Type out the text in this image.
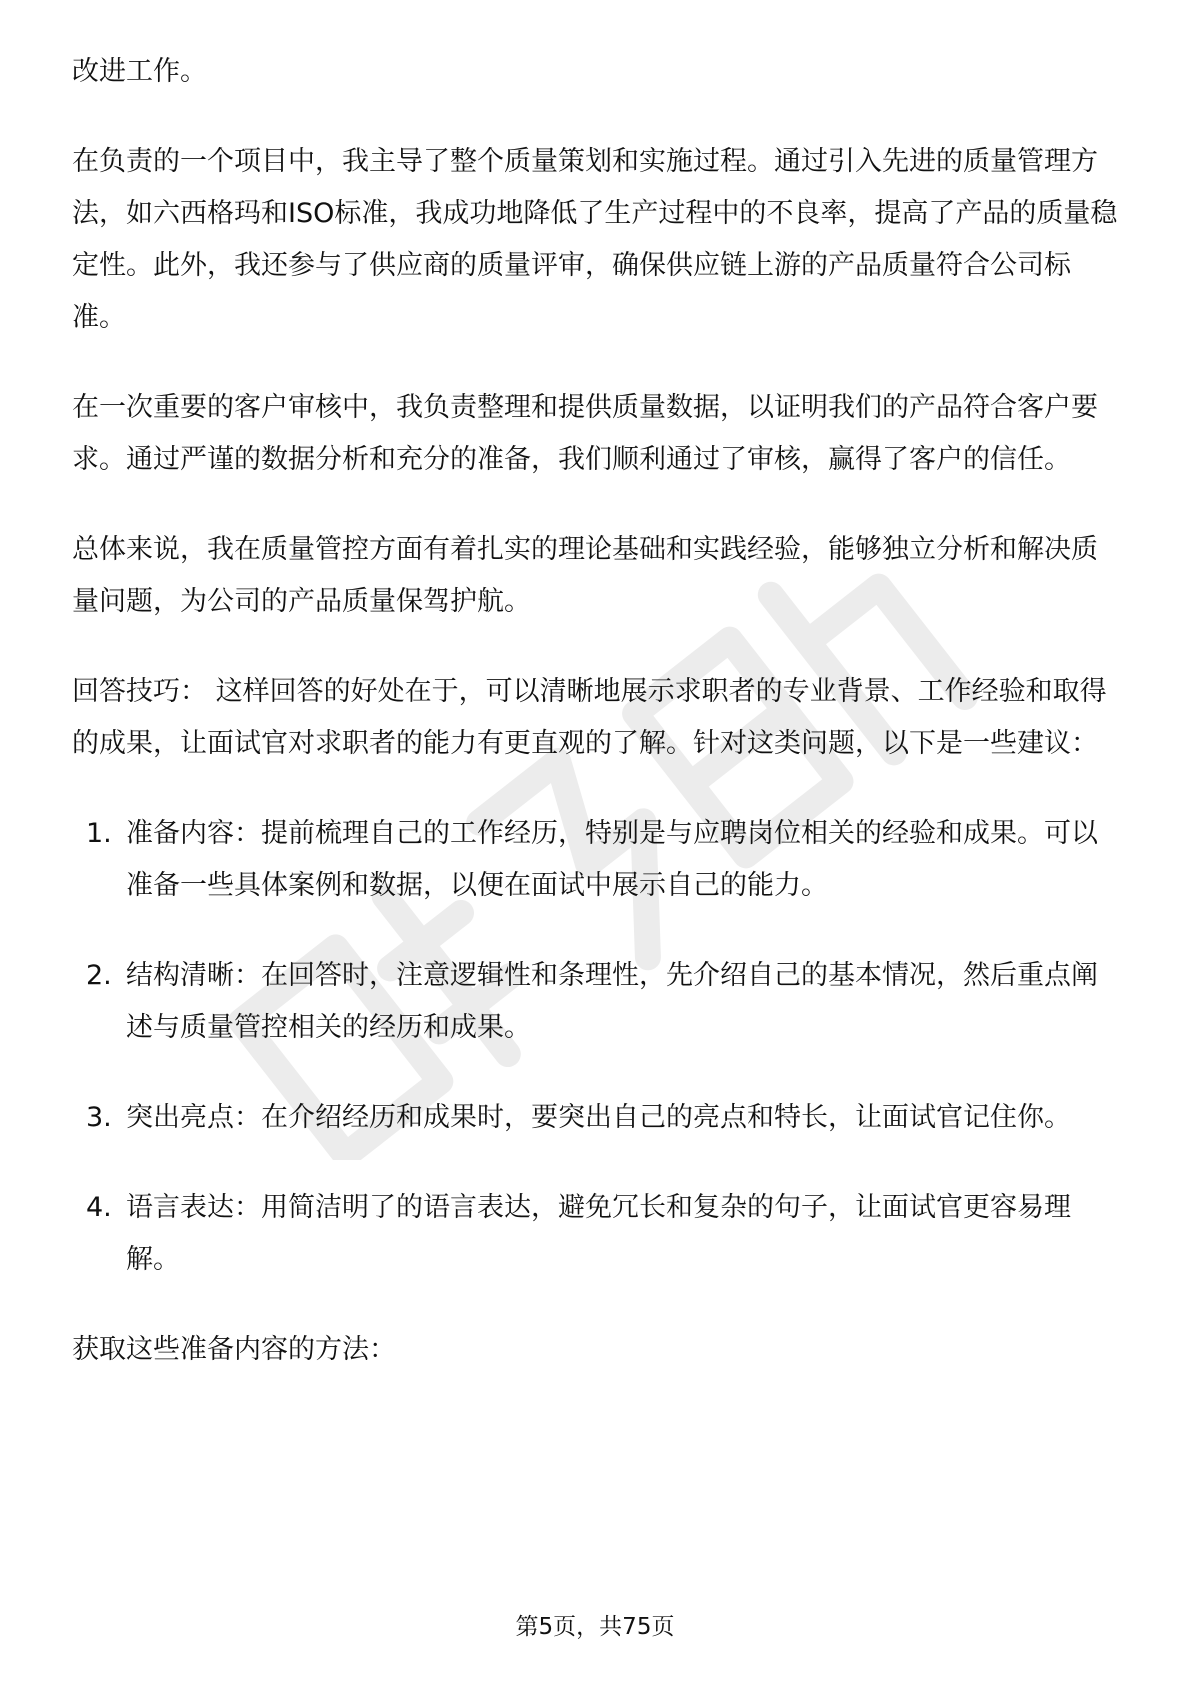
改进工作。

在负责的一个项目中，我主导了整个质量策划和实施过程。通过引入先进的质量管理方法，如六西格玛和ISO标准，我成功地降低了生产过程中的不良率，提高了产品的质量稳定性。此外，我还参与了供应商的质量评审，确保供应链上游的产品质量符合公司标准。

在一次重要的客户审核中，我负责整理和提供质量数据，以证明我们的产品符合客户要求。通过严谨的数据分析和充分的准备，我们顺利通过了审核，赢得了客户的信任。

总体来说，我在质量管控方面有着扎实的理论基础和实践经验，能够独立分析和解决质量问题，为公司的产品质量保驾护航。

回答技巧： 这样回答的好处在于，可以清晰地展示求职者的专业背景、工作经验和取得的成果，让面试官对求职者的能力有更直观的了解。针对这类问题，以下是一些建议：

1. 准备内容：提前梳理自己的工作经历，特别是与应聘岗位相关的经验和成果。可以准备一些具体案例和数据，以便在面试中展示自己的能力。
2. 结构清晰：在回答时，注意逻辑性和条理性，先介绍自己的基本情况，然后重点阐述与质量管控相关的经历和成果。
3. 突出亮点：在介绍经历和成果时，要突出自己的亮点和特长，让面试官记住你。
4. 语言表达：用简洁明了的语言表达，避免冗长和复杂的句子，让面试官更容易理解。

获取这些准备内容的方法：

第5页，共75页
